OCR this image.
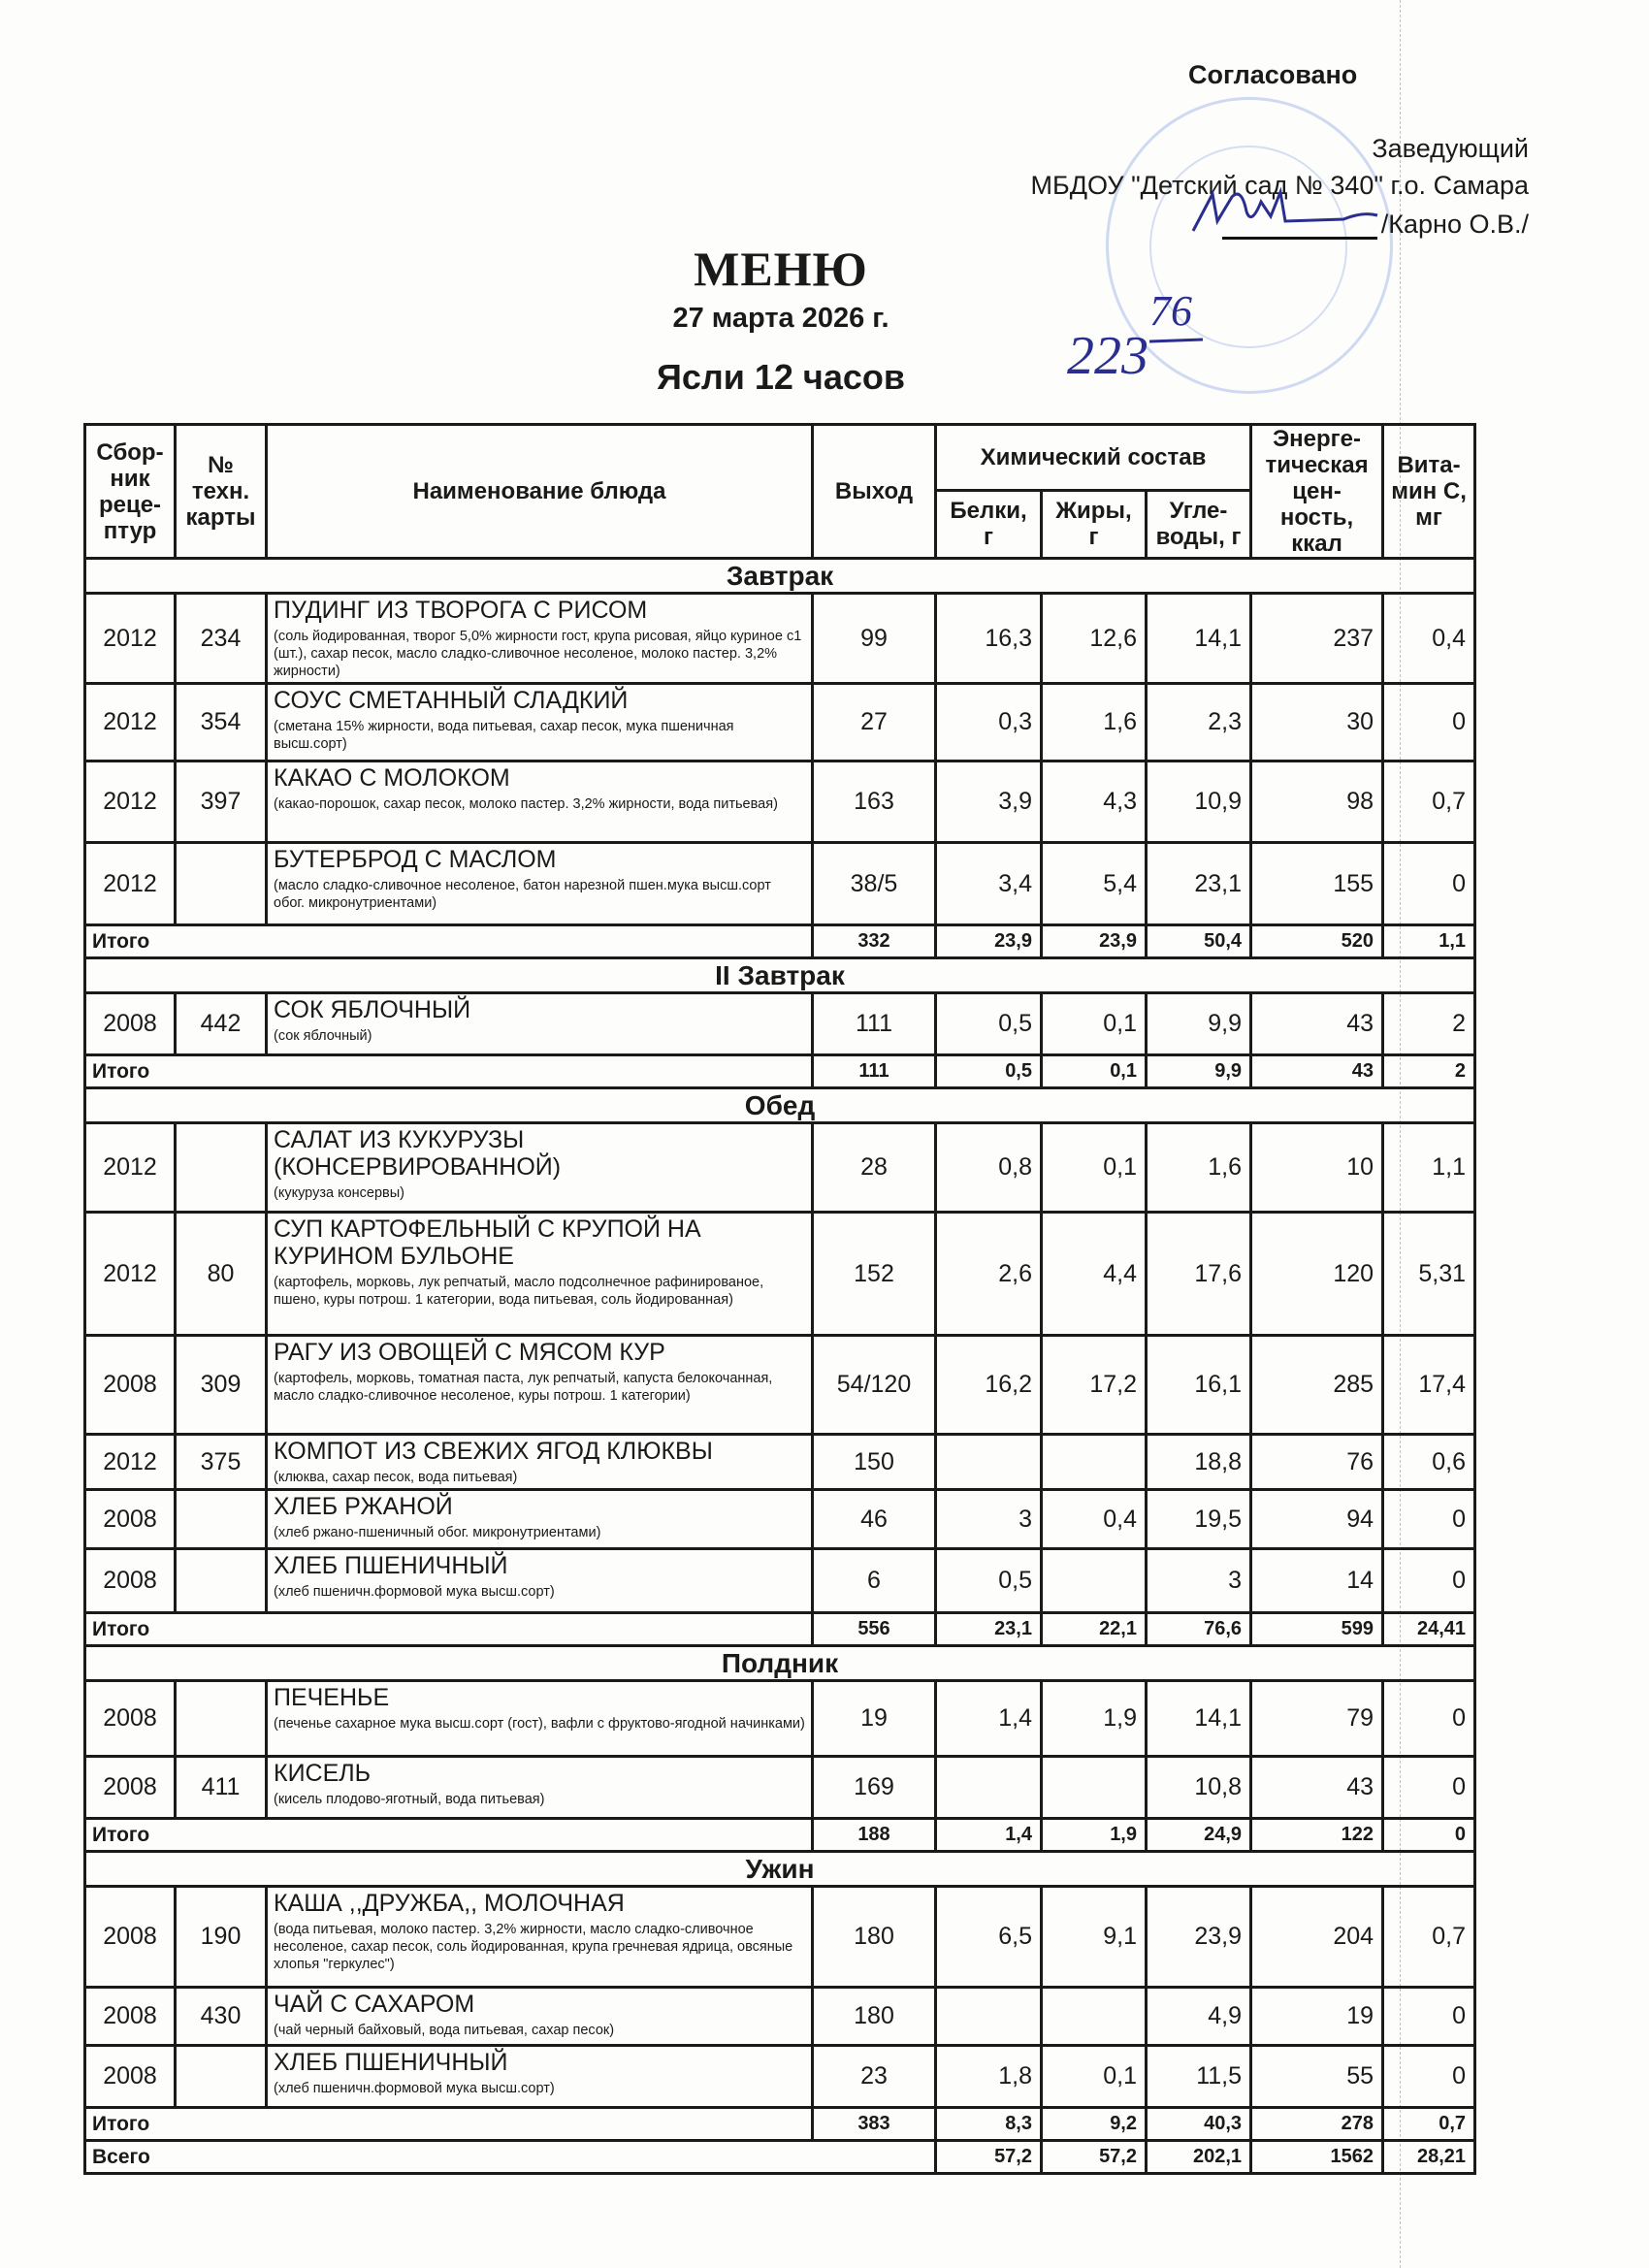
Согласовано
Заведующий
МБДОУ "Детский сад № 340" г.о. Самара
/Карно О.В./
223
76
МЕНЮ
27 марта 2026 г.
Ясли 12 часов
Сбор-ник реце-птур	№ техн. карты	Наименование блюда	Выход	Химический состав			Энерге-тическая цен-ность, ккал	Вита-мин С, мг
				Белки, г	Жиры, г	Угле-воды, г		
Завтрак								
2012	234	ПУДИНГ ИЗ ТВОРОГА С РИСОМ
(соль йодированная, творог 5,0% жирности гост, крупа рисовая, яйцо куриное с1 (шт.), сахар песок, масло сладко-сливочное несоленое, молоко пастер. 3,2% жирности)	99	16,3	12,6	14,1	237	0,4
2012	354	СОУС СМЕТАННЫЙ СЛАДКИЙ
(сметана 15% жирности, вода питьевая, сахар песок, мука пшеничная высш.сорт)	27	0,3	1,6	2,3	30	0
2012	397	КАКАО С МОЛОКОМ
(какао-порошок, сахар песок, молоко пастер. 3,2% жирности, вода питьевая)	163	3,9	4,3	10,9	98	0,7
2012		БУТЕРБРОД С МАСЛОМ
(масло сладко-сливочное несоленое, батон нарезной пшен.мука высш.сорт обог. микронутриентами)	38/5	3,4	5,4	23,1	155	0
Итого			332	23,9	23,9	50,4	520	1,1
II Завтрак								
2008	442	СОК ЯБЛОЧНЫЙ
(сок яблочный)	111	0,5	0,1	9,9	43	2
Итого			111	0,5	0,1	9,9	43	2
Обед								
2012		САЛАТ ИЗ КУКУРУЗЫ (КОНСЕРВИРОВАННОЙ)
(кукуруза консервы)	28	0,8	0,1	1,6	10	1,1
2012	80	СУП КАРТОФЕЛЬНЫЙ С КРУПОЙ НА КУРИНОМ БУЛЬОНЕ
(картофель, морковь, лук репчатый, масло подсолнечное рафинированое, пшено, куры потрош. 1 категории, вода питьевая, соль йодированная)	152	2,6	4,4	17,6	120	5,31
2008	309	РАГУ ИЗ ОВОЩЕЙ С МЯСОМ КУР
(картофель, морковь, томатная паста, лук репчатый, капуста белокочанная, масло сладко-сливочное несоленое, куры потрош. 1 категории)	54/120	16,2	17,2	16,1	285	17,4
2012	375	КОМПОТ ИЗ СВЕЖИХ ЯГОД КЛЮКВЫ
(клюква, сахар песок, вода питьевая)	150			18,8	76	0,6
2008		ХЛЕБ РЖАНОЙ
(хлеб ржано-пшеничный обог. микронутриентами)	46	3	0,4	19,5	94	0
2008		ХЛЕБ ПШЕНИЧНЫЙ
(хлеб пшеничн.формовой мука высш.сорт)	6	0,5		3	14	0
Итого			556	23,1	22,1	76,6	599	24,41
Полдник								
2008		ПЕЧЕНЬЕ
(печенье сахарное мука высш.сорт (гост), вафли с фруктово-ягодной начинками)	19	1,4	1,9	14,1	79	0
2008	411	КИСЕЛЬ
(кисель плодово-яготный, вода питьевая)	169			10,8	43	0
Итого			188	1,4	1,9	24,9	122	0
Ужин								
2008	190	КАША ,,ДРУЖБА,, МОЛОЧНАЯ
(вода питьевая, молоко пастер. 3,2% жирности, масло сладко-сливочное несоленое, сахар песок, соль йодированная, крупа гречневая ядрица, овсяные хлопья "геркулес")	180	6,5	9,1	23,9	204	0,7
2008	430	ЧАЙ С САХАРОМ
(чай черный байховый, вода питьевая, сахар песок)	180			4,9	19	0
2008		ХЛЕБ ПШЕНИЧНЫЙ
(хлеб пшеничн.формовой мука высш.сорт)	23	1,8	0,1	11,5	55	0
Итого			383	8,3	9,2	40,3	278	0,7
Всего				57,2	57,2	202,1	1562	28,21
